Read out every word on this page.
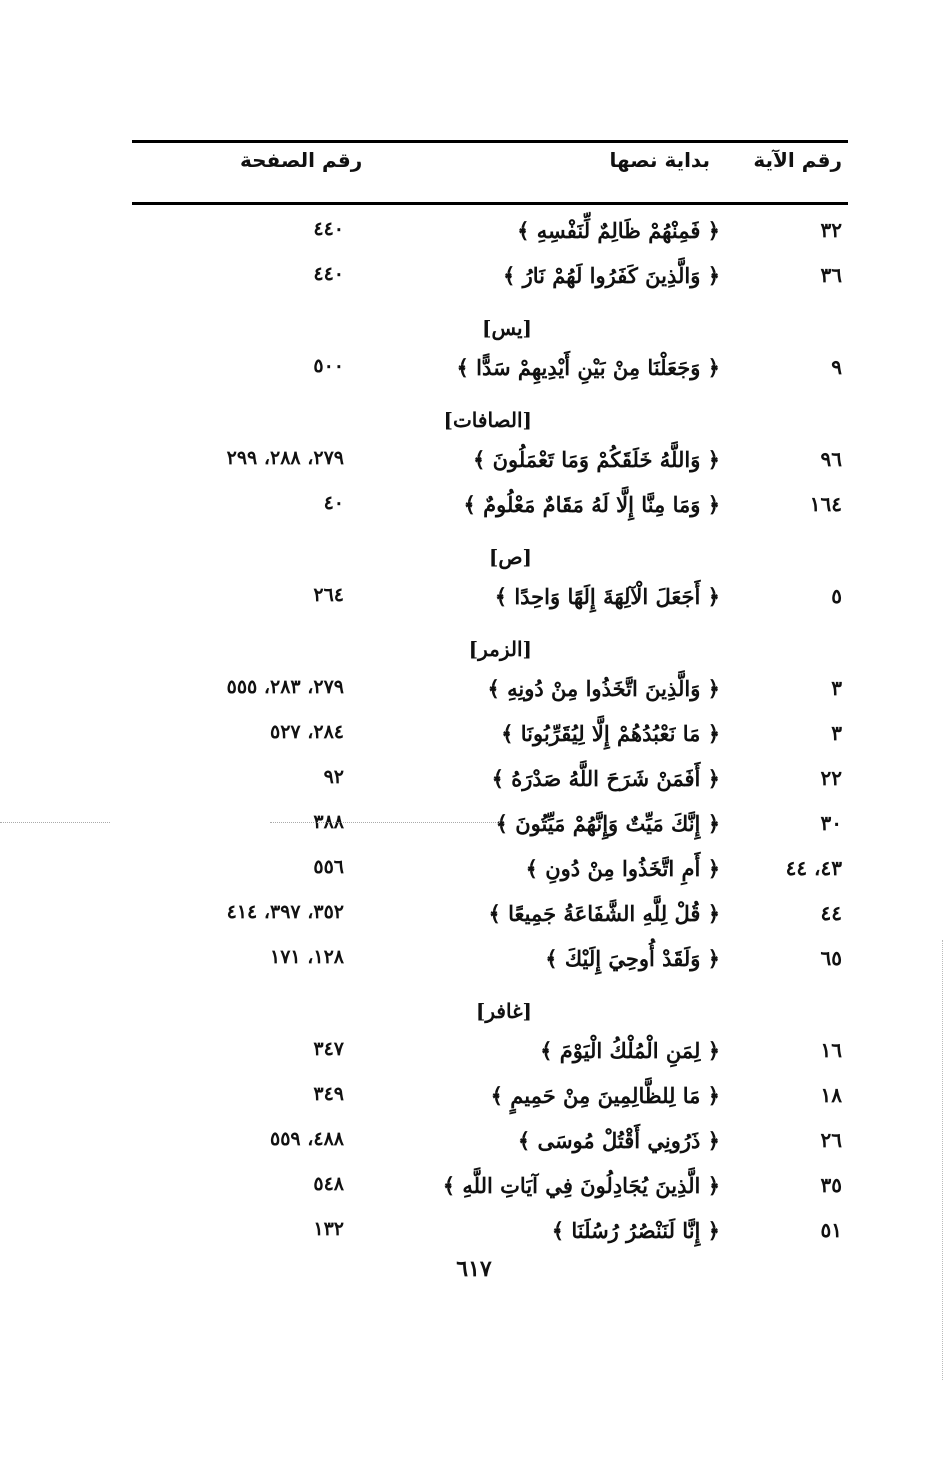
رقم الآية
بداية نصها
رقم الصفحة
٣٢
﴿ فَمِنْهُمْ ظَالِمٌ لِّنَفْسِهِ ﴾
٤٤٠
٣٦
﴿ وَالَّذِينَ كَفَرُوا لَهُمْ نَارُ ﴾
٤٤٠
[يس]
٩
﴿ وَجَعَلْنَا مِنْ بَيْنِ أَيْدِيهِمْ سَدًّا ﴾
٥٠٠
[الصافات]
٩٦
﴿ وَاللَّهُ خَلَقَكُمْ وَمَا تَعْمَلُونَ ﴾
٢٧٩، ٢٨٨، ٢٩٩
١٦٤
﴿ وَمَا مِنَّا إِلَّا لَهُ مَقَامٌ مَعْلُومٌ ﴾
٤٠
[ص]
٥
﴿ أَجَعَلَ الْآلِهَةَ إِلَهًا وَاحِدًا ﴾
٢٦٤
[الزمر]
٣
﴿ وَالَّذِينَ اتَّخَذُوا مِنْ دُونِهِ ﴾
٢٧٩، ٢٨٣، ٥٥٥
٣
﴿ مَا نَعْبُدُهُمْ إِلَّا لِيُقَرِّبُونَا ﴾
٢٨٤، ٥٢٧
٢٢
﴿ أَفَمَنْ شَرَحَ اللَّهُ صَدْرَهُ ﴾
٩٢
٣٠
﴿ إِنَّكَ مَيِّتٌ وَإِنَّهُمْ مَيِّتُونَ ﴾
٣٨٨
٤٣، ٤٤
﴿ أَمِ اتَّخَذُوا مِنْ دُونِ ﴾
٥٥٦
٤٤
﴿ قُلْ لِلَّهِ الشَّفَاعَةُ جَمِيعًا ﴾
٣٥٢، ٣٩٧، ٤١٤
٦٥
﴿ وَلَقَدْ أُوحِيَ إِلَيْكَ ﴾
١٢٨، ١٧١
[غافر]
١٦
﴿ لِمَنِ الْمُلْكُ الْيَوْمَ ﴾
٣٤٧
١٨
﴿ مَا لِلظَّالِمِينَ مِنْ حَمِيمٍ ﴾
٣٤٩
٢٦
﴿ ذَرُونِي أَقْتُلْ مُوسَى ﴾
٤٨٨، ٥٥٩
٣٥
﴿ الَّذِينَ يُجَادِلُونَ فِي آيَاتِ اللَّهِ ﴾
٥٤٨
٥١
﴿ إِنَّا لَنَنْصُرُ رُسُلَنَا ﴾
١٣٢
٦١٧
